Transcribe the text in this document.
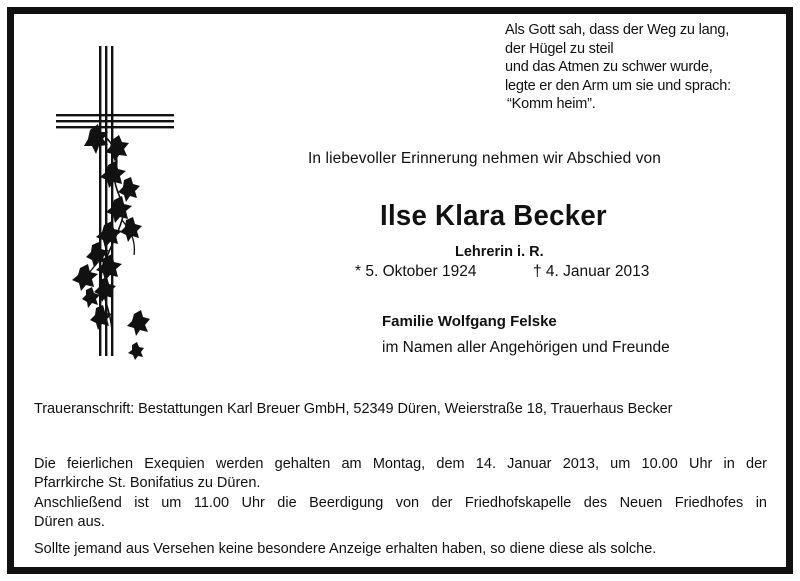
Als Gott sah, dass der Weg zu lang,
der Hügel zu steil
und das Atmen zu schwer wurde,
legte er den Arm um sie und sprach:
“Komm heim”.
In liebevoller Erinnerung nehmen wir Abschied von
Ilse Klara Becker
Lehrerin i. R.
* 5. Oktober 1924	† 4. Januar 2013
Familie Wolfgang Felske
im Namen aller Angehörigen und Freunde
Traueranschrift: Bestattungen Karl Breuer GmbH, 52349 Düren, Weierstraße 18, Trauerhaus Becker
Die feierlichen Exequien werden gehalten am Montag, dem 14. Januar 2013, um 10.00 Uhr in der
Pfarrkirche St. Bonifatius zu Düren.
Anschließend ist um 11.00 Uhr die Beerdigung von der Friedhofskapelle des Neuen Friedhofes in
Düren aus.
Sollte jemand aus Versehen keine besondere Anzeige erhalten haben, so diene diese als solche.
